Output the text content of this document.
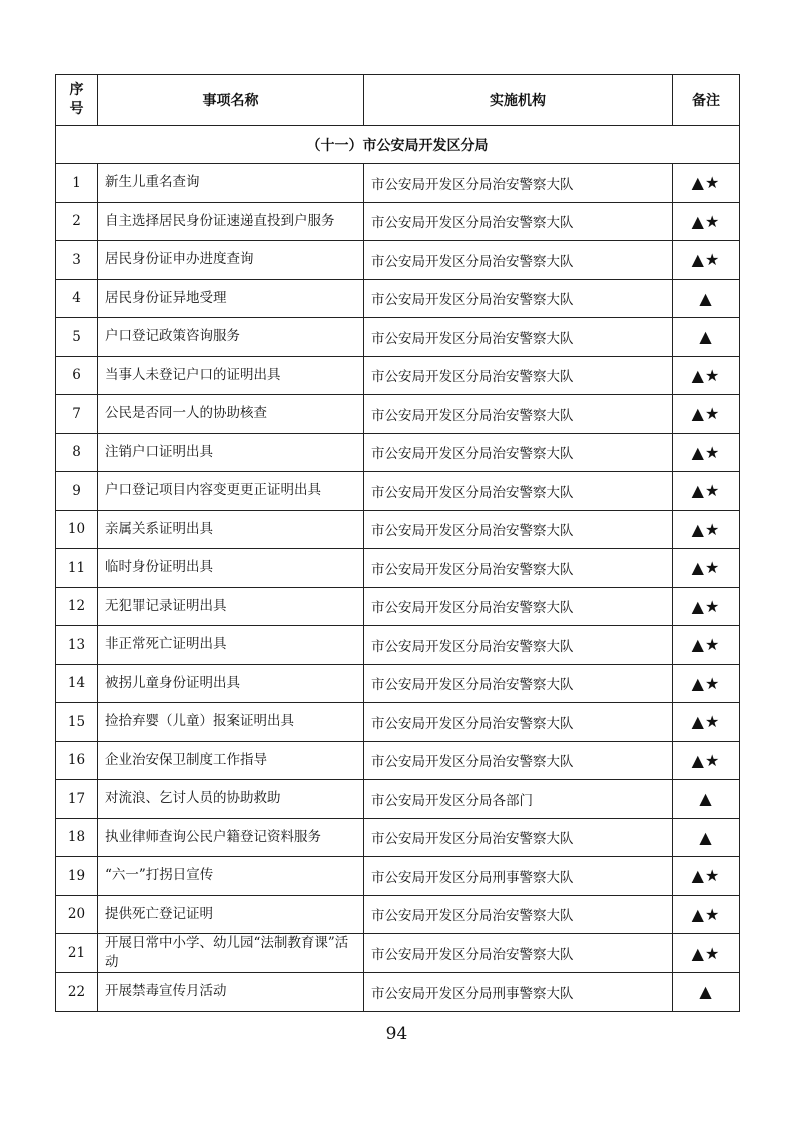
序
号	事项名称	实施机构	备注
（十一）市公安局开发区分局			
1	新生儿重名查询	市公安局开发区分局治安警察大队	▲★
2	自主选择居民身份证速递直投到户服务	市公安局开发区分局治安警察大队	▲★
3	居民身份证申办进度查询	市公安局开发区分局治安警察大队	▲★
4	居民身份证异地受理	市公安局开发区分局治安警察大队	▲
5	户口登记政策咨询服务	市公安局开发区分局治安警察大队	▲
6	当事人未登记户口的证明出具	市公安局开发区分局治安警察大队	▲★
7	公民是否同一人的协助核查	市公安局开发区分局治安警察大队	▲★
8	注销户口证明出具	市公安局开发区分局治安警察大队	▲★
9	户口登记项目内容变更更正证明出具	市公安局开发区分局治安警察大队	▲★
10	亲属关系证明出具	市公安局开发区分局治安警察大队	▲★
11	临时身份证明出具	市公安局开发区分局治安警察大队	▲★
12	无犯罪记录证明出具	市公安局开发区分局治安警察大队	▲★
13	非正常死亡证明出具	市公安局开发区分局治安警察大队	▲★
14	被拐儿童身份证明出具	市公安局开发区分局治安警察大队	▲★
15	捡拾弃婴（儿童）报案证明出具	市公安局开发区分局治安警察大队	▲★
16	企业治安保卫制度工作指导	市公安局开发区分局治安警察大队	▲★
17	对流浪、乞讨人员的协助救助	市公安局开发区分局各部门	▲
18	执业律师查询公民户籍登记资料服务	市公安局开发区分局治安警察大队	▲
19	“六一”打拐日宣传	市公安局开发区分局刑事警察大队	▲★
20	提供死亡登记证明	市公安局开发区分局治安警察大队	▲★
21	开展日常中小学、幼儿园“法制教育课”活动	市公安局开发区分局治安警察大队	▲★
22	开展禁毒宣传月活动	市公安局开发区分局刑事警察大队	▲
94
